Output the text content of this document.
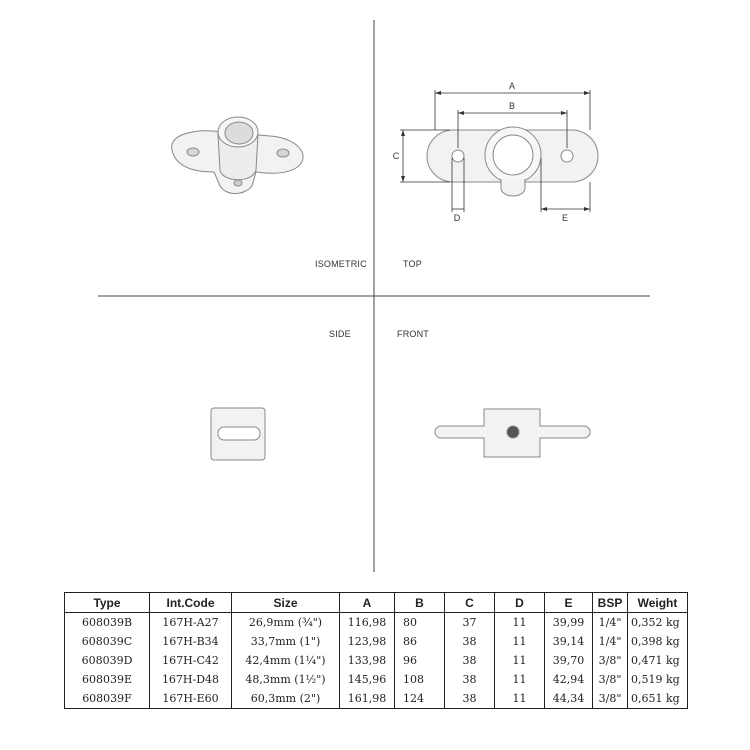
A
B
C
D	E
ISOMETRIC	TOP
SIDE	FRONT
Type	Int.Code	Size	A	B	C	D	E	BSP	Weight
608039B	167H-A27	26,9mm (¾")	116,98	80	37	11	39,99	1/4"	0,352 kg
608039C	167H-B34	33,7mm (1")	123,98	86	38	11	39,14	1/4"	0,398 kg
608039D	167H-C42	42,4mm (1¼")	133,98	96	38	11	39,70	3/8"	0,471 kg
608039E	167H-D48	48,3mm (1½")	145,96	108	38	11	42,94	3/8"	0,519 kg
608039F	167H-E60	60,3mm (2")	161,98	124	38	11	44,34	3/8"	0,651 kg
